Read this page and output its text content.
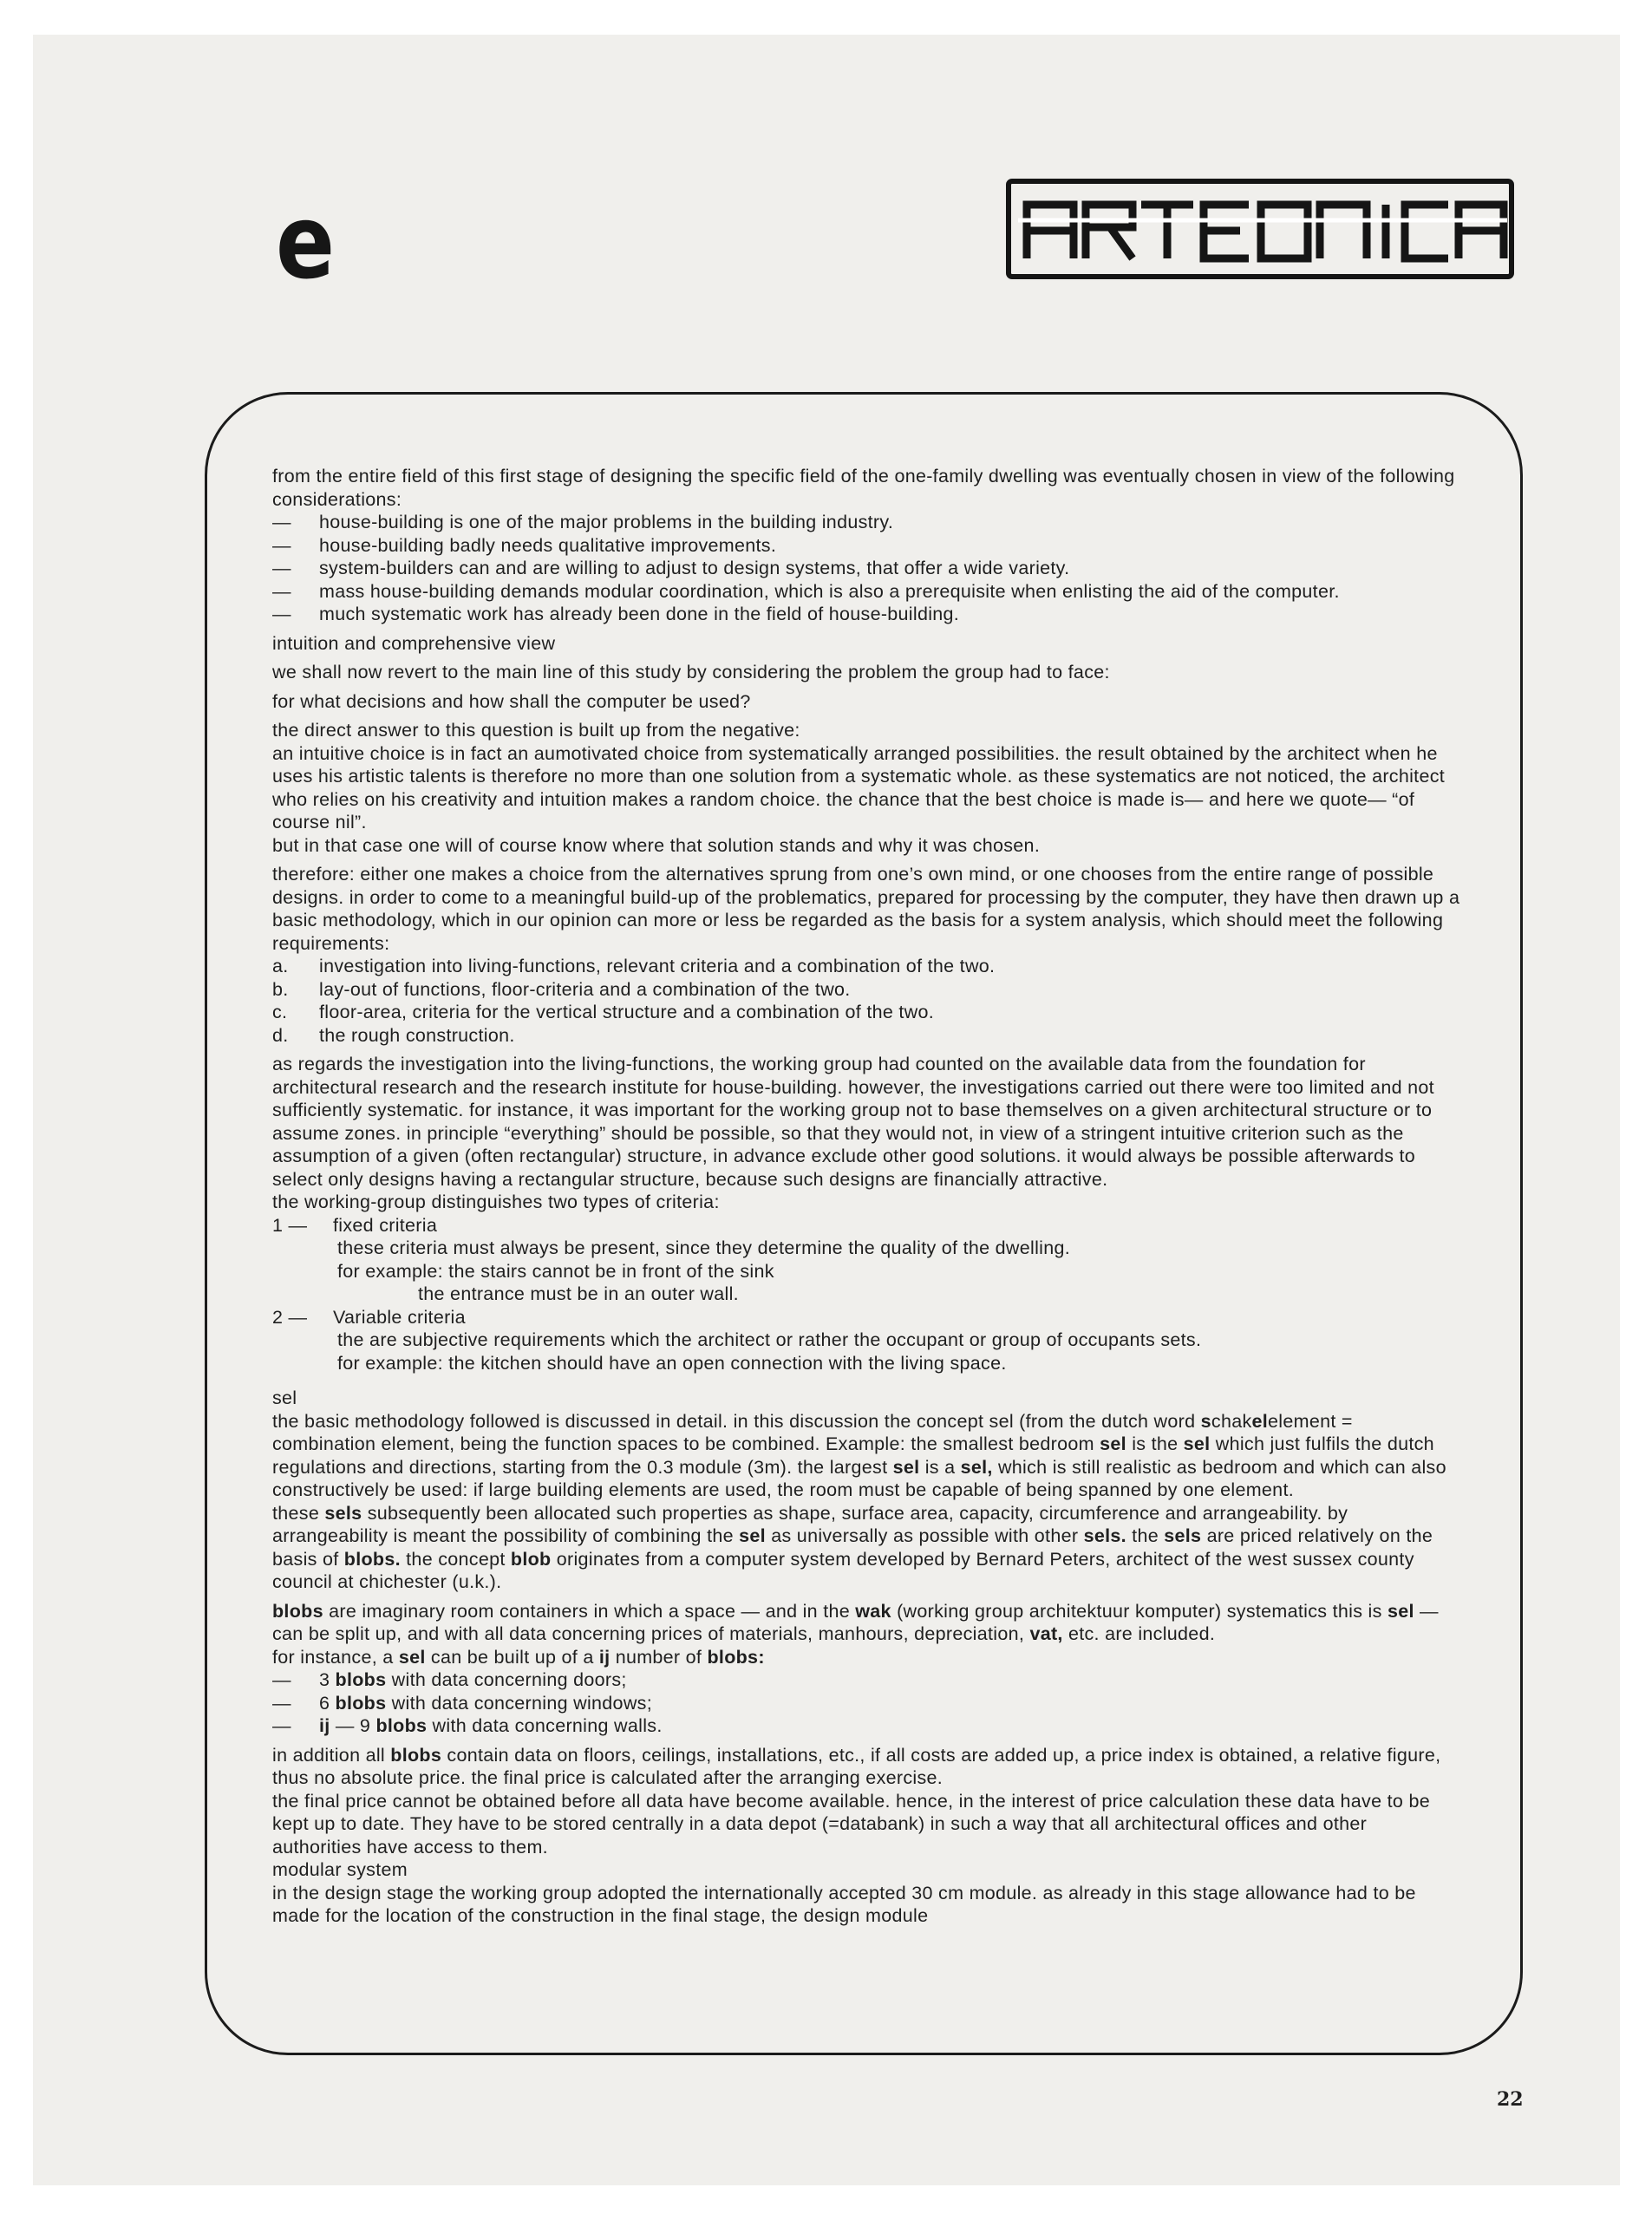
e

from the entire field of this first stage of designing the specific field of the one-family dwelling was eventually chosen in view of the following considerations:

—	house-building is one of the major problems in the building industry.
—	house-building badly needs qualitative improvements.
—	system-builders can and are willing to adjust to design systems, that offer a wide variety.
—	mass house-building demands modular coordination, which is also a prerequisite when enlisting the aid of the computer.
—	much systematic work has already been done in the field of house-building.

intuition and comprehensive view

we shall now revert to the main line of this study by considering the problem the group had to face:

for what decisions and how shall the computer be used?

the direct answer to this question is built up from the negative:

an intuitive choice is in fact an aumotivated choice from systematically arranged possibilities. the result obtained by the architect when he uses his artistic talents is therefore no more than one solution from a systematic whole. as these systematics are not noticed, the architect who relies on his creativity and intuition makes a random choice. the chance that the best choice is made is— and here we quote— “of course nil”.

but in that case one will of course know where that solution stands and why it was chosen.

therefore: either one makes a choice from the alternatives sprung from one’s own mind, or one chooses from the entire range of possible designs. in order to come to a meaningful build-up of the problematics, prepared for processing by the computer, they have then drawn up a basic methodology, which in our opinion can more or less be regarded as the basis for a system analysis, which should meet the following requirements:

a.	investigation into living-functions, relevant criteria and a combination of the two.
b.	lay-out of functions, floor-criteria and a combination of the two.
c.	floor-area, criteria for the vertical structure and a combination of the two.
d.	the rough construction.

as regards the investigation into the living-functions, the working group had counted on the available data from the foundation for architectural research and the research institute for house-building. however, the investigations carried out there were too limited and not sufficiently systematic. for instance, it was important for the working group not to base themselves on a given architectural structure or to assume zones. in principle “everything” should be possible, so that they would not, in view of a stringent intuitive criterion such as the assumption of a given (often rectangular) structure, in advance exclude other good solutions. it would always be possible afterwards to select only designs having a rectangular structure, because such designs are financially attractive.

the working-group distinguishes two types of criteria:

1 —	fixed criteria

these criteria must always be present, since they determine the quality of the dwelling.

for example: the stairs cannot be in front of the sink

the entrance must be in an outer wall.

2 —	Variable criteria

the are subjective requirements which the architect or rather the occupant or group of occupants sets.

for example: the kitchen should have an open connection with the living space.

sel

the basic methodology followed is discussed in detail. in this discussion the concept sel (from the dutch word schakelelement = combination element, being the function spaces to be combined. Example: the smallest bedroom sel is the sel which just fulfils the dutch regulations and directions, starting from the 0.3 module (3m). the largest sel is a sel, which is still realistic as bedroom and which can also constructively be used: if large building elements are used, the room must be capable of being spanned by one element.

these sels subsequently been allocated such properties as shape, surface area, capacity, circumference and arrangeability. by arrangeability is meant the possibility of combining the sel as universally as possible with other sels. the sels are priced relatively on the basis of blobs. the concept blob originates from a computer system developed by Bernard Peters, architect of the west sussex county council at chichester (u.k.).

blobs are imaginary room containers in which a space — and in the wak (working group architektuur komputer) systematics this is sel — can be split up, and with all data concerning prices of materials, manhours, depreciation, vat, etc. are included.

for instance, a sel can be built up of a ij number of blobs:

—	3 blobs with data concerning doors;
—	6 blobs with data concerning windows;
—	ij — 9 blobs with data concerning walls.

in addition all blobs contain data on floors, ceilings, installations, etc., if all costs are added up, a price index is obtained, a relative figure, thus no absolute price. the final price is calculated after the arranging exercise.

the final price cannot be obtained before all data have become available. hence, in the interest of price calculation these data have to be kept up to date. They have to be stored centrally in a data depot (=databank) in such a way that all architectural offices and other authorities have access to them.

modular system

in the design stage the working group adopted the internationally accepted 30 cm module. as already in this stage allowance had to be made for the location of the construction in the final stage, the design module

22
